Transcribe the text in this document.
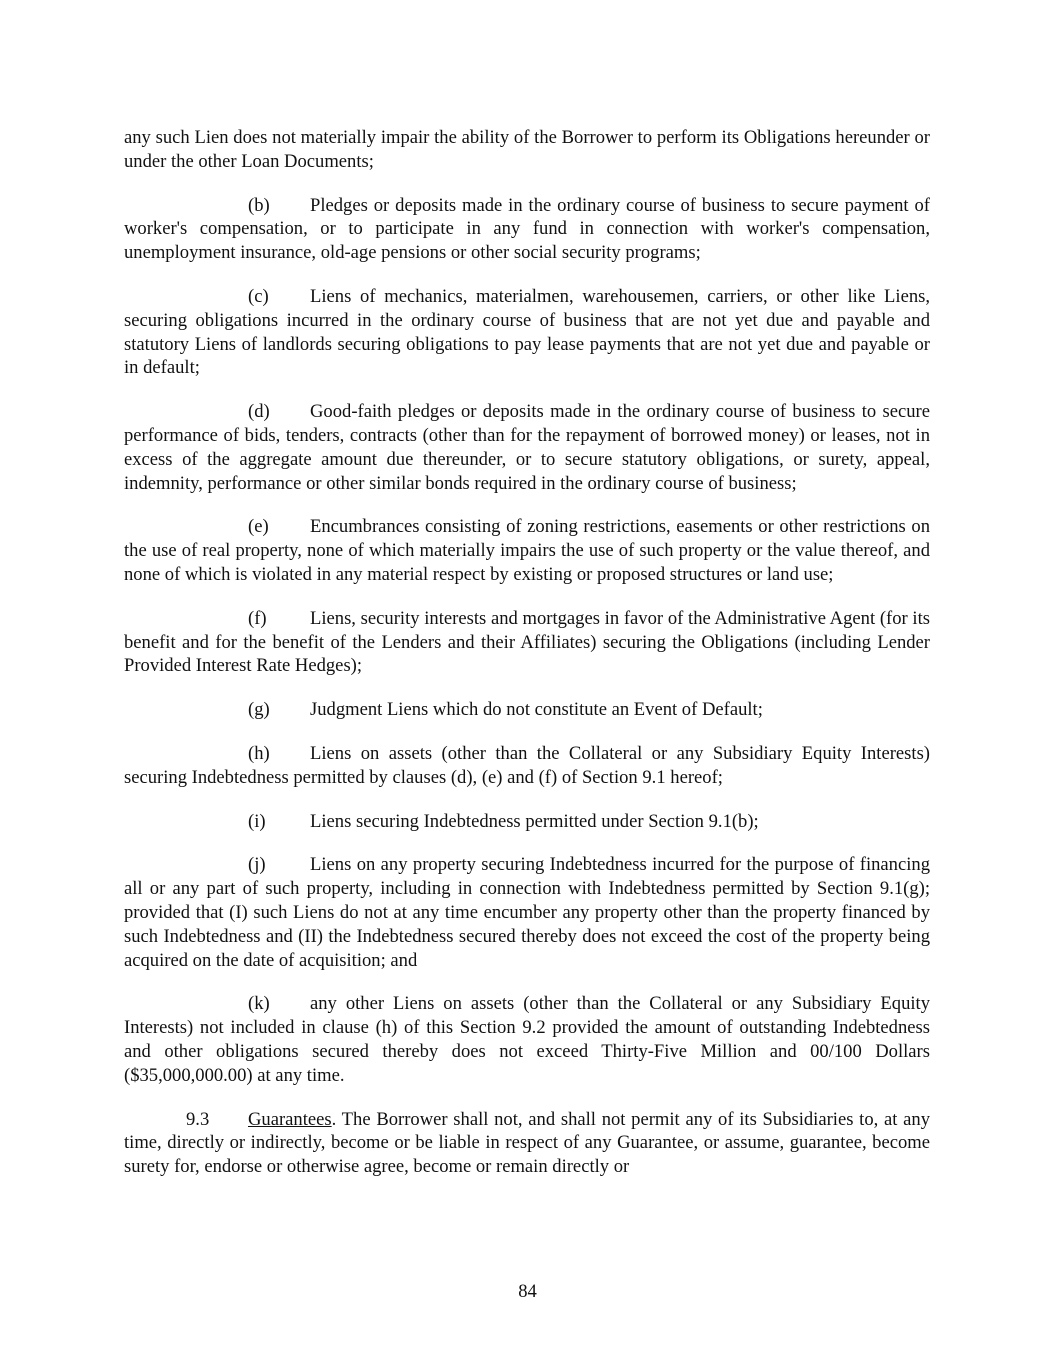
any such Lien does not materially impair the ability of the Borrower to perform its Obligations hereunder or under the other Loan Documents;

(b) Pledges or deposits made in the ordinary course of business to secure payment of worker's compensation, or to participate in any fund in connection with worker's compensation, unemployment insurance, old-age pensions or other social security programs;

(c) Liens of mechanics, materialmen, warehousemen, carriers, or other like Liens, securing obligations incurred in the ordinary course of business that are not yet due and payable and statutory Liens of landlords securing obligations to pay lease payments that are not yet due and payable or in default;

(d) Good-faith pledges or deposits made in the ordinary course of business to secure performance of bids, tenders, contracts (other than for the repayment of borrowed money) or leases, not in excess of the aggregate amount due thereunder, or to secure statutory obligations, or surety, appeal, indemnity, performance or other similar bonds required in the ordinary course of business;

(e) Encumbrances consisting of zoning restrictions, easements or other restrictions on the use of real property, none of which materially impairs the use of such property or the value thereof, and none of which is violated in any material respect by existing or proposed structures or land use;

(f) Liens, security interests and mortgages in favor of the Administrative Agent (for its benefit and for the benefit of the Lenders and their Affiliates) securing the Obligations (including Lender Provided Interest Rate Hedges);

(g) Judgment Liens which do not constitute an Event of Default;

(h) Liens on assets (other than the Collateral or any Subsidiary Equity Interests) securing Indebtedness permitted by clauses (d), (e) and (f) of Section 9.1 hereof;

(i) Liens securing Indebtedness permitted under Section 9.1(b);

(j) Liens on any property securing Indebtedness incurred for the purpose of financing all or any part of such property, including in connection with Indebtedness permitted by Section 9.1(g); provided that (I) such Liens do not at any time encumber any property other than the property financed by such Indebtedness and (II) the Indebtedness secured thereby does not exceed the cost of the property being acquired on the date of acquisition; and

(k) any other Liens on assets (other than the Collateral or any Subsidiary Equity Interests) not included in clause (h) of this Section 9.2 provided the amount of outstanding Indebtedness and other obligations secured thereby does not exceed Thirty-Five Million and 00/100 Dollars ($35,000,000.00) at any time.

9.3 Guarantees. The Borrower shall not, and shall not permit any of its Subsidiaries to, at any time, directly or indirectly, become or be liable in respect of any Guarantee, or assume, guarantee, become surety for, endorse or otherwise agree, become or remain directly or

84
